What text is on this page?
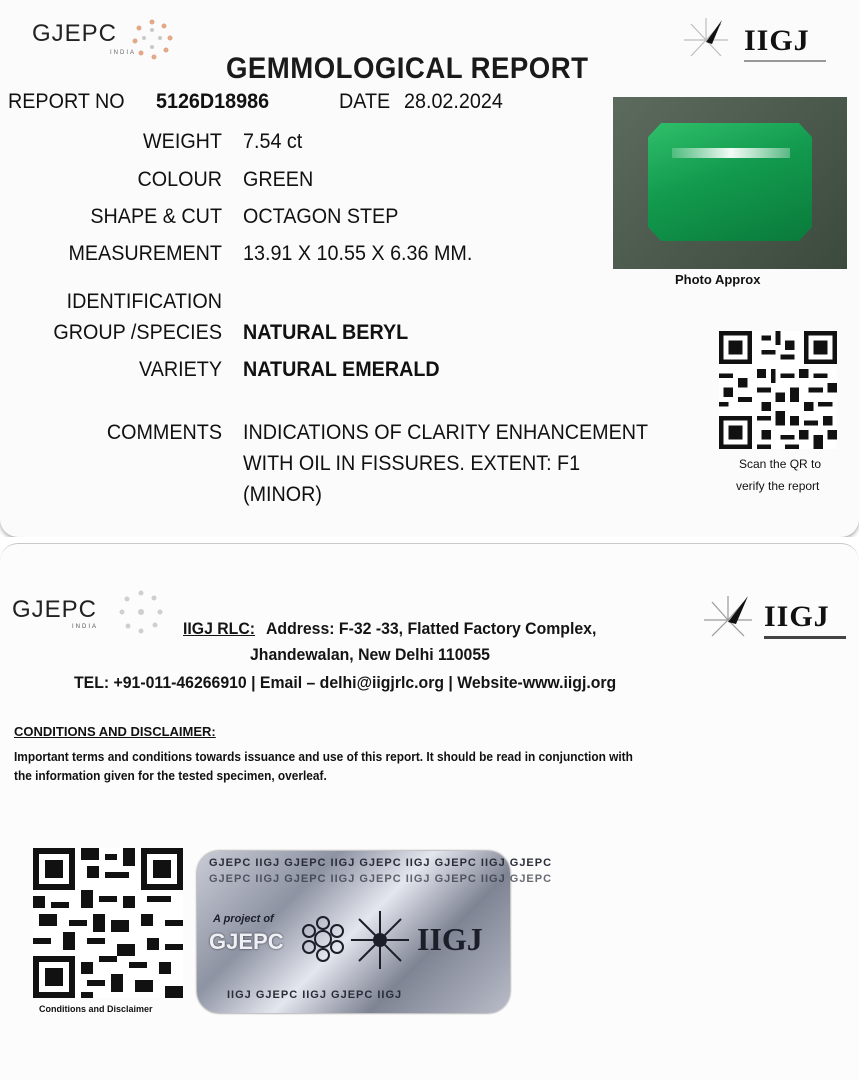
GJEPC
INDIA	IIGJ
GEMMOLOGICAL REPORT
REPORT NO 5126D18986	DATE 28.02.2024
WEIGHT 7.54 ct
COLOUR GREEN
SHAPE & CUT OCTAGON STEP
MEASUREMENT 13.91 X 10.55 X 6.36 MM.
IDENTIFICATION
GROUP /SPECIES NATURAL BERYL
VARIETY NATURAL EMERALD
COMMENTS INDICATIONS OF CLARITY ENHANCEMENT
WITH OIL IN FISSURES. EXTENT: F1
(MINOR)
Photo Approx
Scan the QR to
verify the report
GJEPC
INDIA	IIGJ
IIGJ RLC: Address: F-32 -33, Flatted Factory Complex,
Jhandewalan, New Delhi 110055
TEL: +91-011-46266910 | Email – delhi@iigjrlc.org | Website-www.iigj.org
CONDITIONS AND DISCLAIMER:
Important terms and conditions towards issuance and use of this report. It should be read in conjunction with
the information given for the tested specimen, overleaf.
Conditions and Disclaimer
GJEPC IIGJ GJEPC IIGJ GJEPC IIGJ GJEPC IIGJ GJEPC
GJEPC IIGJ GJEPC IIGJ GJEPC IIGJ GJEPC IIGJ GJEPC
A project of
GJEPC	IIGJ
IIGJ GJEPC IIGJ GJEPC IIGJ
